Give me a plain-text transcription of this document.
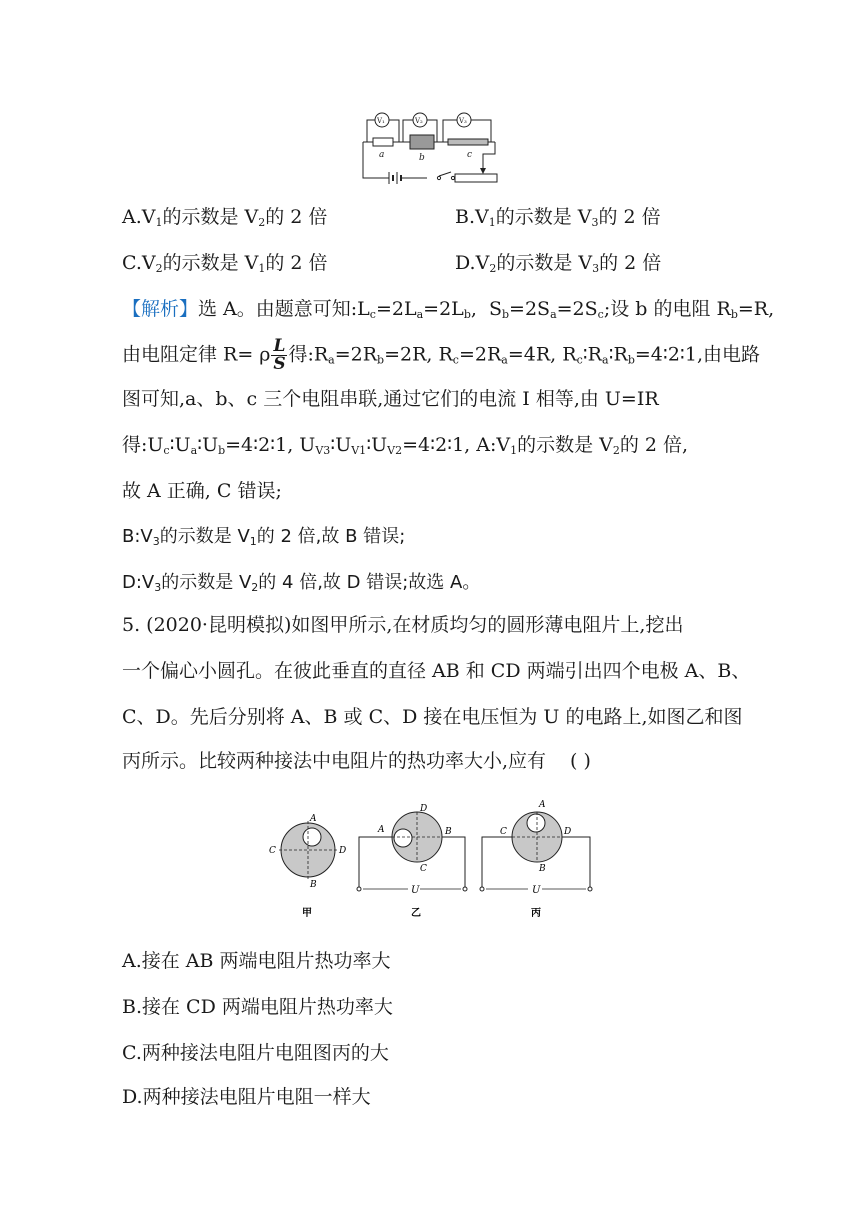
V₁	V₂	V₃
a	b	c
$A.V_1$的示数是 $V_2$的 2 倍	$B.V_1$的示数是 $V_3$的 2 倍
$C.V_2$的示数是 $V_1$的 2 倍	$D.V_2$的示数是 $V_3$的 2 倍
【解析】选 A。由题意可知$:L_c=2L_a=2L_b$,  $S_b=2S_a=2S_c$;设 b 的电阻 $R_b=R$,
由电阻定律 R= ρ $\frac{L}{S}$ 得$:R_a=2R_b=2R$, $R_c=2R_a=4R$, $R_c∶R_a∶R_b=4∶2∶1$,由电路
图可知,a、b、c 三个电阻串联,通过它们的电流 I 相等,由 U=IR
得$:U_c∶U_a∶U_b=4∶2∶1$, $U_{V3}∶U_{V1}∶U_{V2}=4∶2∶1$, $A:V_1$的示数是 $V_2$的 2 倍,
故 A 正确, C 错误;
$B:V_3$的示数是 $V_1$的 2 倍,故 B 错误;
$D:V_3$的示数是 $V_2$的 4 倍,故 D 错误;故选 A。
5. (2020·昆明模拟)如图甲所示,在材质均匀的圆形薄电阻片上,挖出
一个偏心小圆孔。在彼此垂直的直径 AB 和 CD 两端引出四个电极 A、B、
C、D。先后分别将 A、B 或 C、D 接在电压恒为 U 的电路上,如图乙和图
丙所示。比较两种接法中电阻片的热功率大小,应有 ( )
A
B
C	D
甲
U
D
A	B
C
乙
U
A
C	D
B
丙
A.接在 AB 两端电阻片热功率大
B.接在 CD 两端电阻片热功率大
C.两种接法电阻片电阻图丙的大
D.两种接法电阻片电阻一样大
